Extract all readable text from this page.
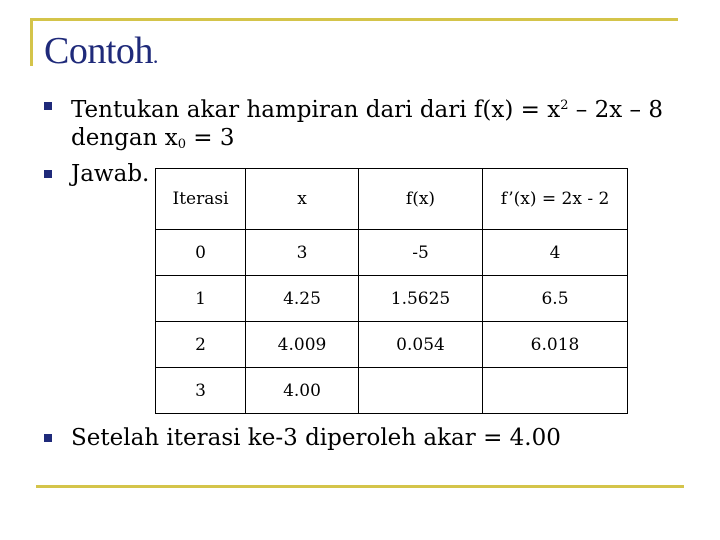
Contoh.
Tentukan akar hampiran dari dari $f(x) = x^2 - 2x - 8$
dengan $x_0 = 3$
Jawab.
Iterasi	x	f(x)	f’(x) = 2x - 2
0	3	-5	4
1	4.25	1.5625	6.5
2	4.009	0.054	6.018
3	4.00		
Setelah iterasi ke-3 diperoleh akar = 4.00
